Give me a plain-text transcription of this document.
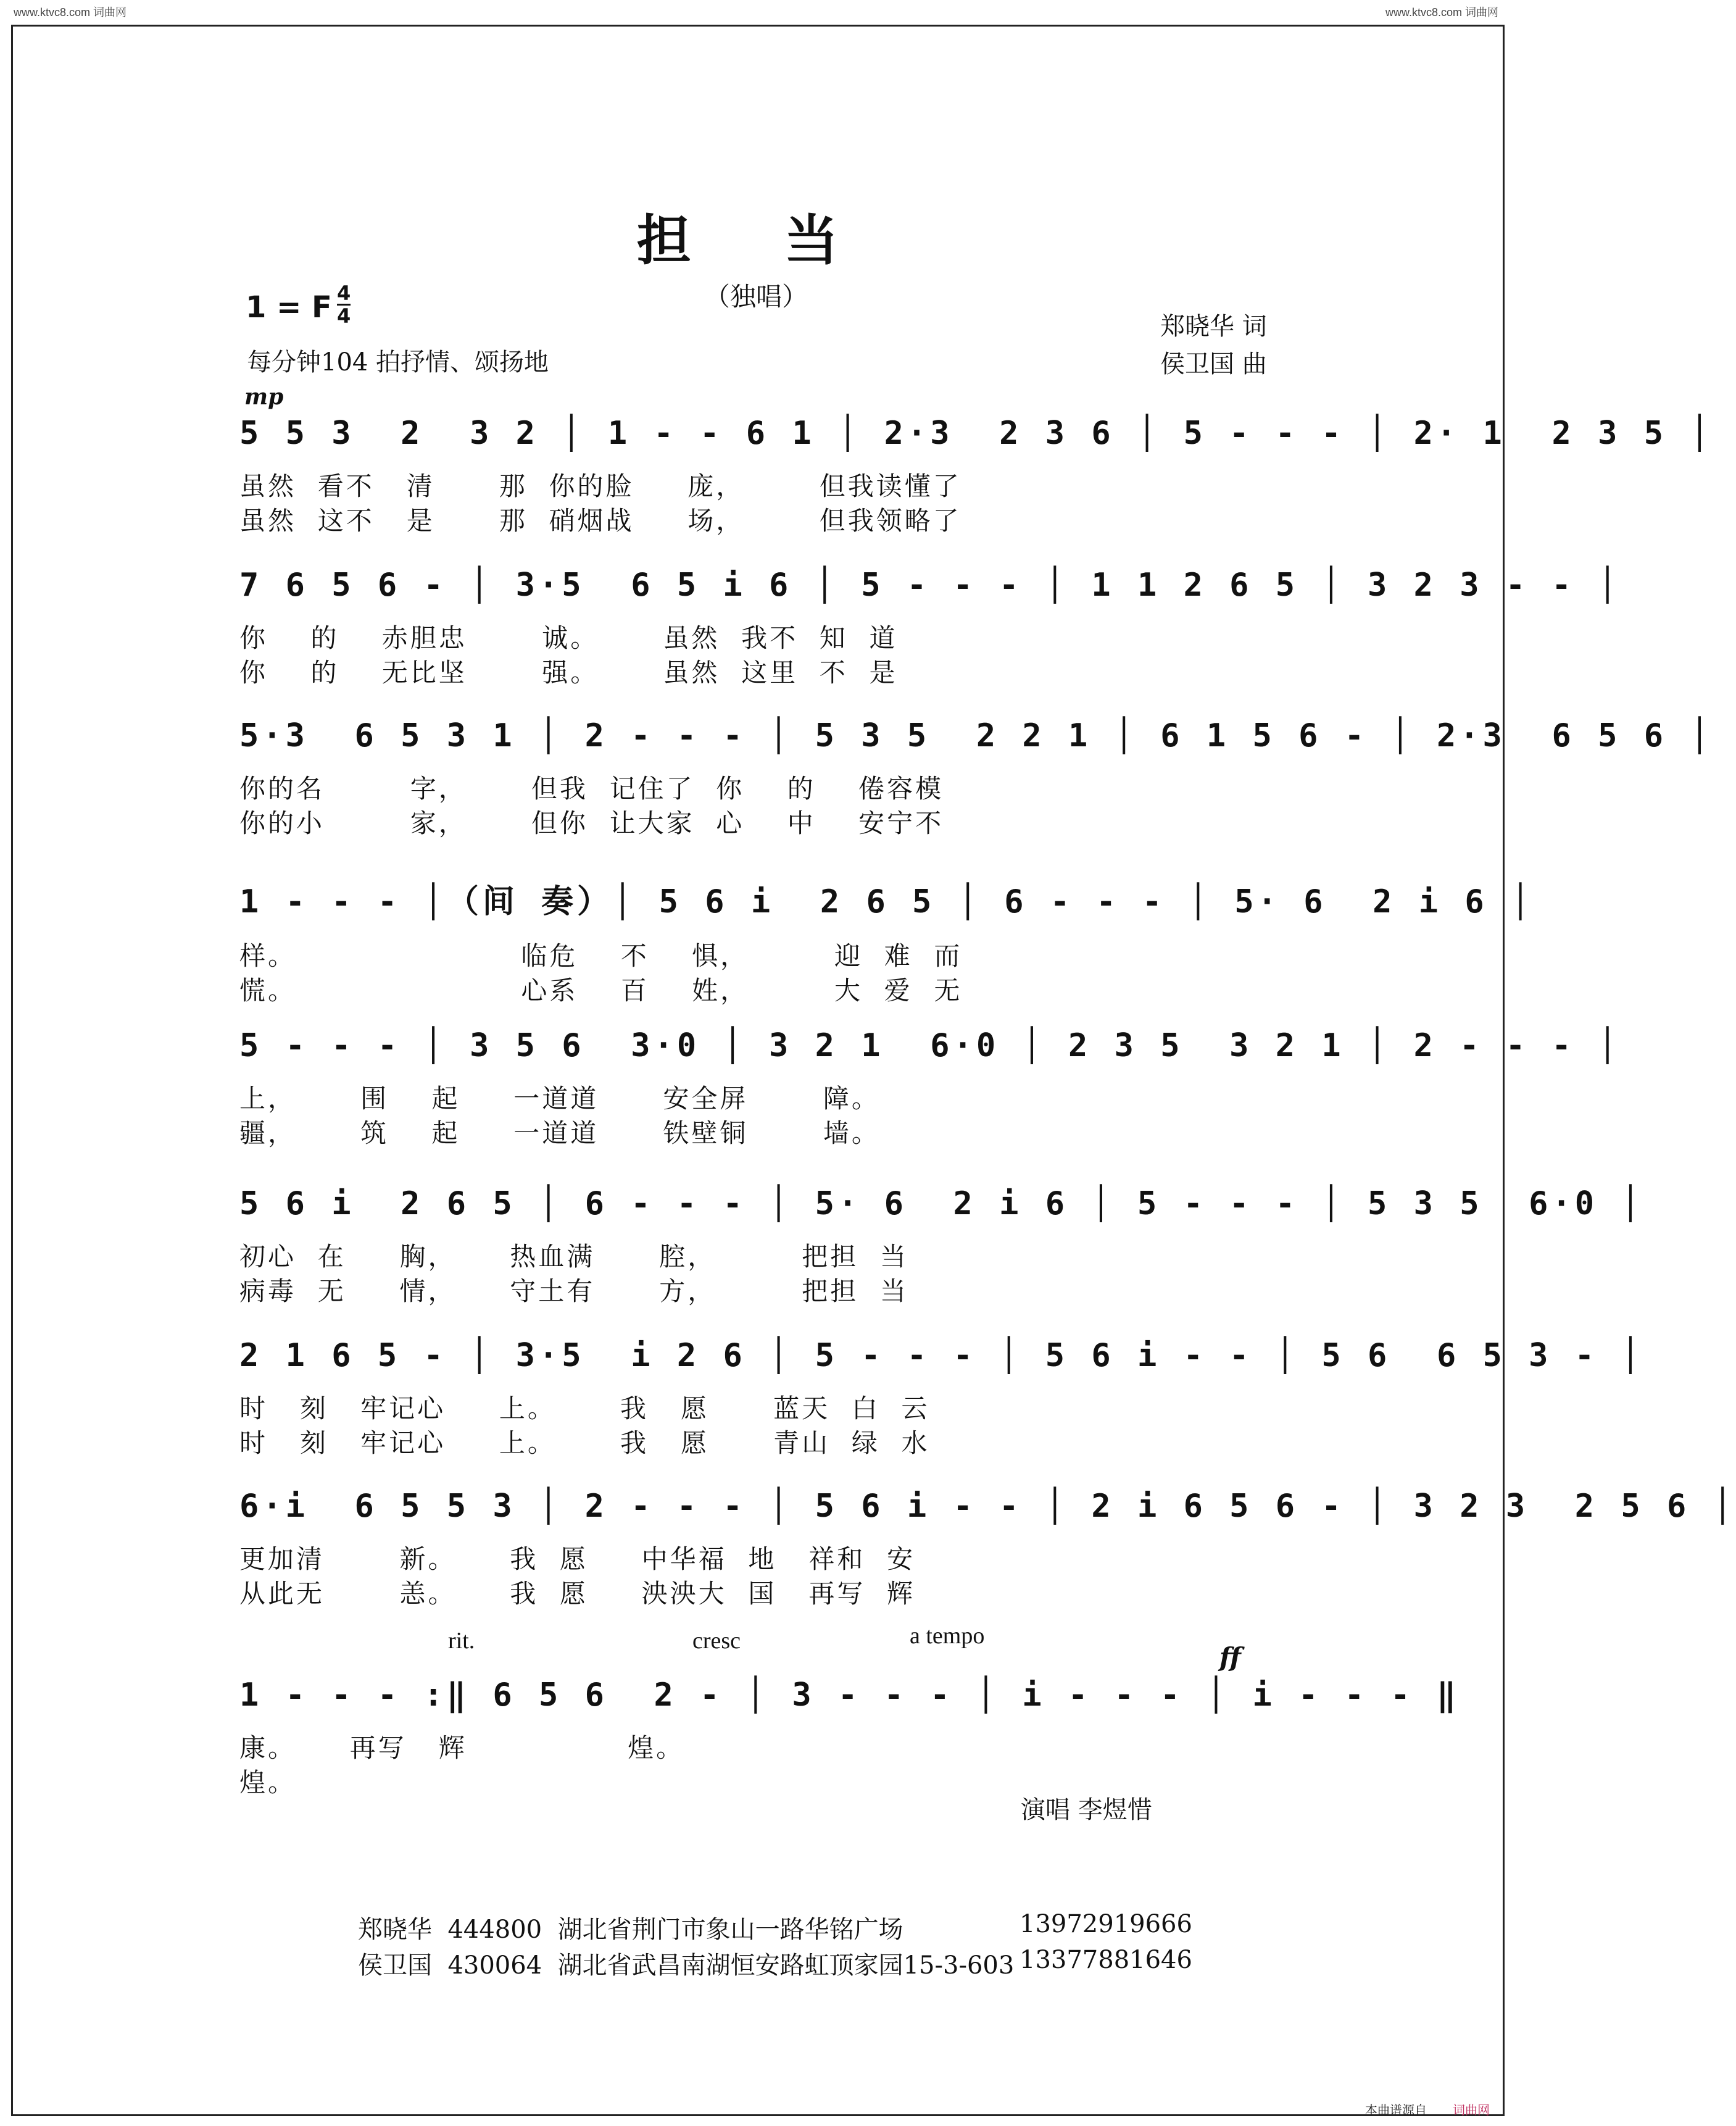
www.ktvc8.com 词曲网	www.ktvc8.com 词曲网
担 当
（独唱）
1 = F 4
4
每分钟104 拍抒情、颂扬地
郑晓华 词
侯卫国 曲
mp
5 5 3  2  3 2 │ 1 - - 6 1 │ 2·3  2 3 6 │ 5 - - - │ 2· 1  2 3 5 │
虽然  看不   清      那  你的脸     庞，       但我读懂了
虽然  这不   是      那  硝烟战     场，       但我领略了
7 6 5 6 - │ 3·5  6 5 i 6 │ 5 - - - │ 1 1 2 6 5 │ 3 2 3 - - │
你    的    赤胆忠       诚。      虽然  我不  知  道
你    的    无比坚       强。      虽然  这里  不  是
5·3  6 5 3 1 │ 2 - - - │ 5 3 5  2 2 1 │ 6 1 5 6 - │ 2·3  6 5 6 │
你的名        字，      但我  记住了  你    的    倦容模
你的小        家，      但你  让大家  心    中    安宁不
1 - - - │（间 奏）│ 5 6 i  2 6 5 │ 6 - - - │ 5· 6  2 i 6 │
样。                     临危    不    惧，        迎  难  而
慌。                     心系    百    姓，        大  爱  无
5 - - - │ 3 5 6  3·0 │ 3 2 1  6·0 │ 2 3 5  3 2 1 │ 2 - - - │
上，      围    起     一道道      安全屏       障。
疆，      筑    起     一道道      铁壁铜       墙。
5 6 i  2 6 5 │ 6 - - - │ 5· 6  2 i 6 │ 5 - - - │ 5 3 5  6·0 │
初心  在     胸，     热血满      腔，        把担  当
病毒  无     情，     守土有      方，        把担  当
2 1 6 5 - │ 3·5  i 2 6 │ 5 - - - │ 5 6 i - - │ 5 6  6 5 3 - │
时   刻   牢记心     上。      我   愿      蓝天  白  云
时   刻   牢记心     上。      我   愿      青山  绿  水
6·i  6 5 5 3 │ 2 - - - │ 5 6 i - - │ 2 i 6 5 6 - │ 3 2 3  2 5 6 │
更加清       新。     我  愿     中华福  地   祥和  安
从此无       恙。     我  愿     泱泱大  国   再写  辉
rit.	cresc	a tempo
ff
1 - - - :‖ 6 5 6  2 - │ 3 - - - │ i - - - │ i - - - ‖
康。     再写   辉               煌。
煌。
演唱 李煜惜
郑晓华 444800 湖北省荆门市象山一路华铭广场	13972919666
侯卫国 430064 湖北省武昌南湖恒安路虹顶家园15-3-603 13377881646
本曲谱源自 词曲网
